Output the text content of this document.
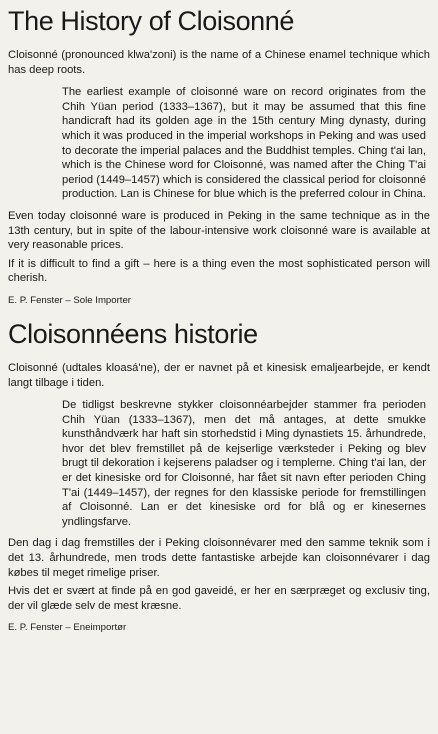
The History of Cloisonné

Cloisonné (pronounced klwa'zoni) is the name of a Chinese enamel technique which has deep roots.

The earliest example of cloisonné ware on record originates from the Chih Yüan period (1333–1367), but it may be assumed that this fine handicraft had its golden age in the 15th century Ming dynasty, during which it was produced in the imperial workshops in Peking and was used to decorate the imperial palaces and the Buddhist temples. Ching t'ai lan, which is the Chinese word for Cloisonné, was named after the Ching T'ai period (1449–1457) which is considered the classical period for cloisonné production. Lan is Chinese for blue which is the preferred colour in China.

Even today cloisonné ware is produced in Peking in the same technique as in the 13th century, but in spite of the labour-intensive work cloisonné ware is available at very reasonable prices.

If it is difficult to find a gift – here is a thing even the most sophisticated person will cherish.

E. P. Fenster – Sole Importer

Cloisonnéens historie

Cloisonné (udtales kloasá'ne), der er navnet på et kinesisk emaljearbejde, er kendt langt tilbage i tiden.

De tidligst beskrevne stykker cloisonnéarbejder stammer fra perioden Chih Yüan (1333–1367), men det må antages, at dette smukke kunsthåndværk har haft sin storhedstid i Ming dynastiets 15. århundrede, hvor det blev fremstillet på de kejserlige værksteder i Peking og blev brugt til dekoration i kejserens paladser og i templerne. Ching t'ai lan, der er det kinesiske ord for Cloisonné, har fået sit navn efter perioden Ching T'ai (1449–1457), der regnes for den klassiske periode for fremstillingen af Cloisonné. Lan er det kinesiske ord for blå og er kinesernes yndlingsfarve.

Den dag i dag fremstilles der i Peking cloisonnévarer med den samme teknik som i det 13. århundrede, men trods dette fantastiske arbejde kan cloisonnévarer i dag købes til meget rimelige priser.

Hvis det er svært at finde på en god gaveidé, er her en særpræget og exclusiv ting, der vil glæde selv de mest kræsne.

E. P. Fenster – Eneimportør
